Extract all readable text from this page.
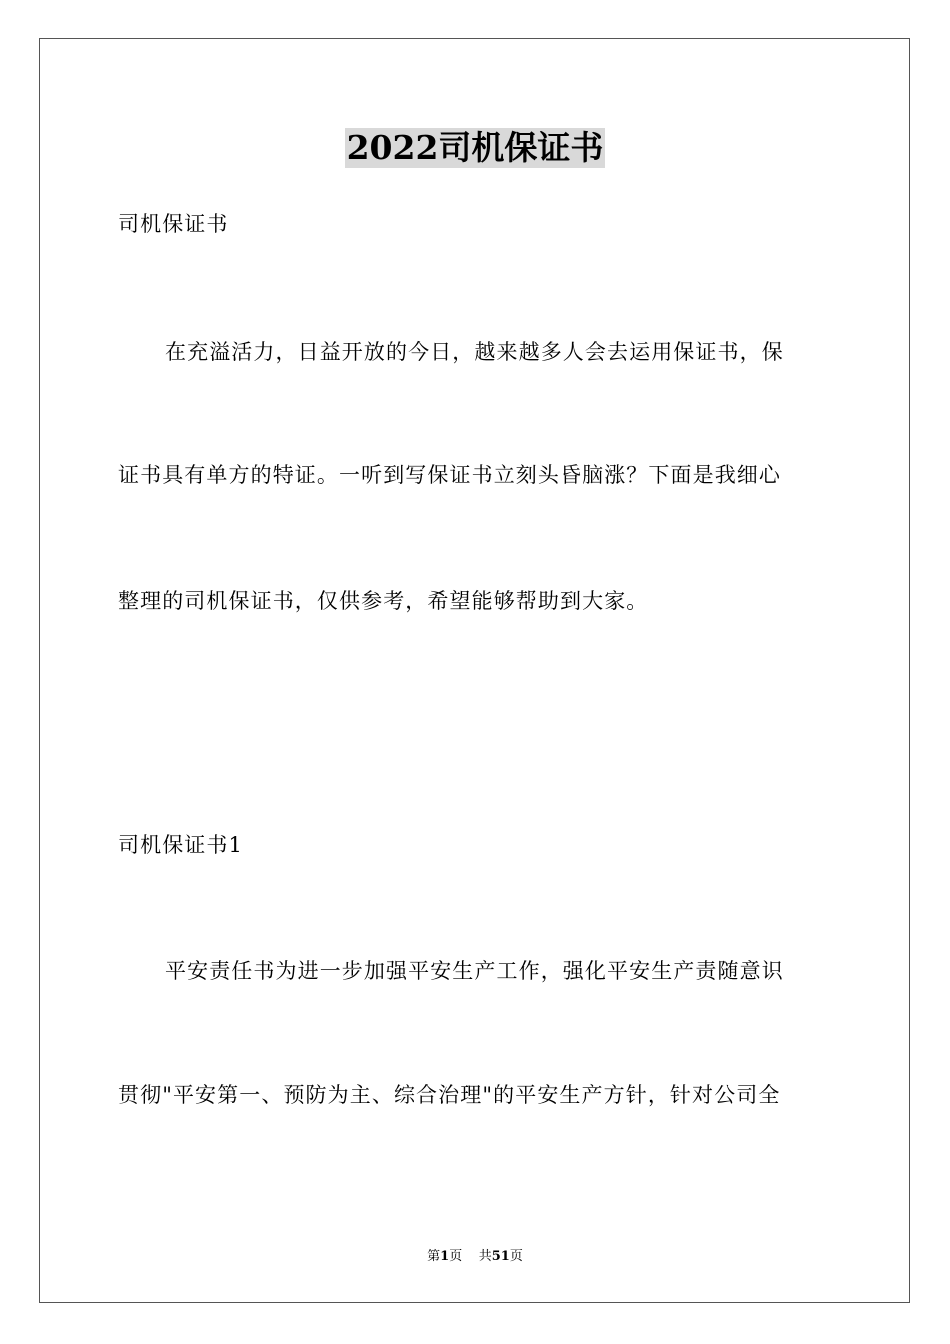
2022司机保证书
司机保证书
在充溢活力，日益开放的今日，越来越多人会去运用保证书，保
证书具有单方的特证。一听到写保证书立刻头昏脑涨？下面是我细心
整理的司机保证书，仅供参考，希望能够帮助到大家。
司机保证书1
平安责任书为进一步加强平安生产工作，强化平安生产责随意识
贯彻"平安第一、预防为主、综合治理"的平安生产方针，针对公司全
第1页 共51页
